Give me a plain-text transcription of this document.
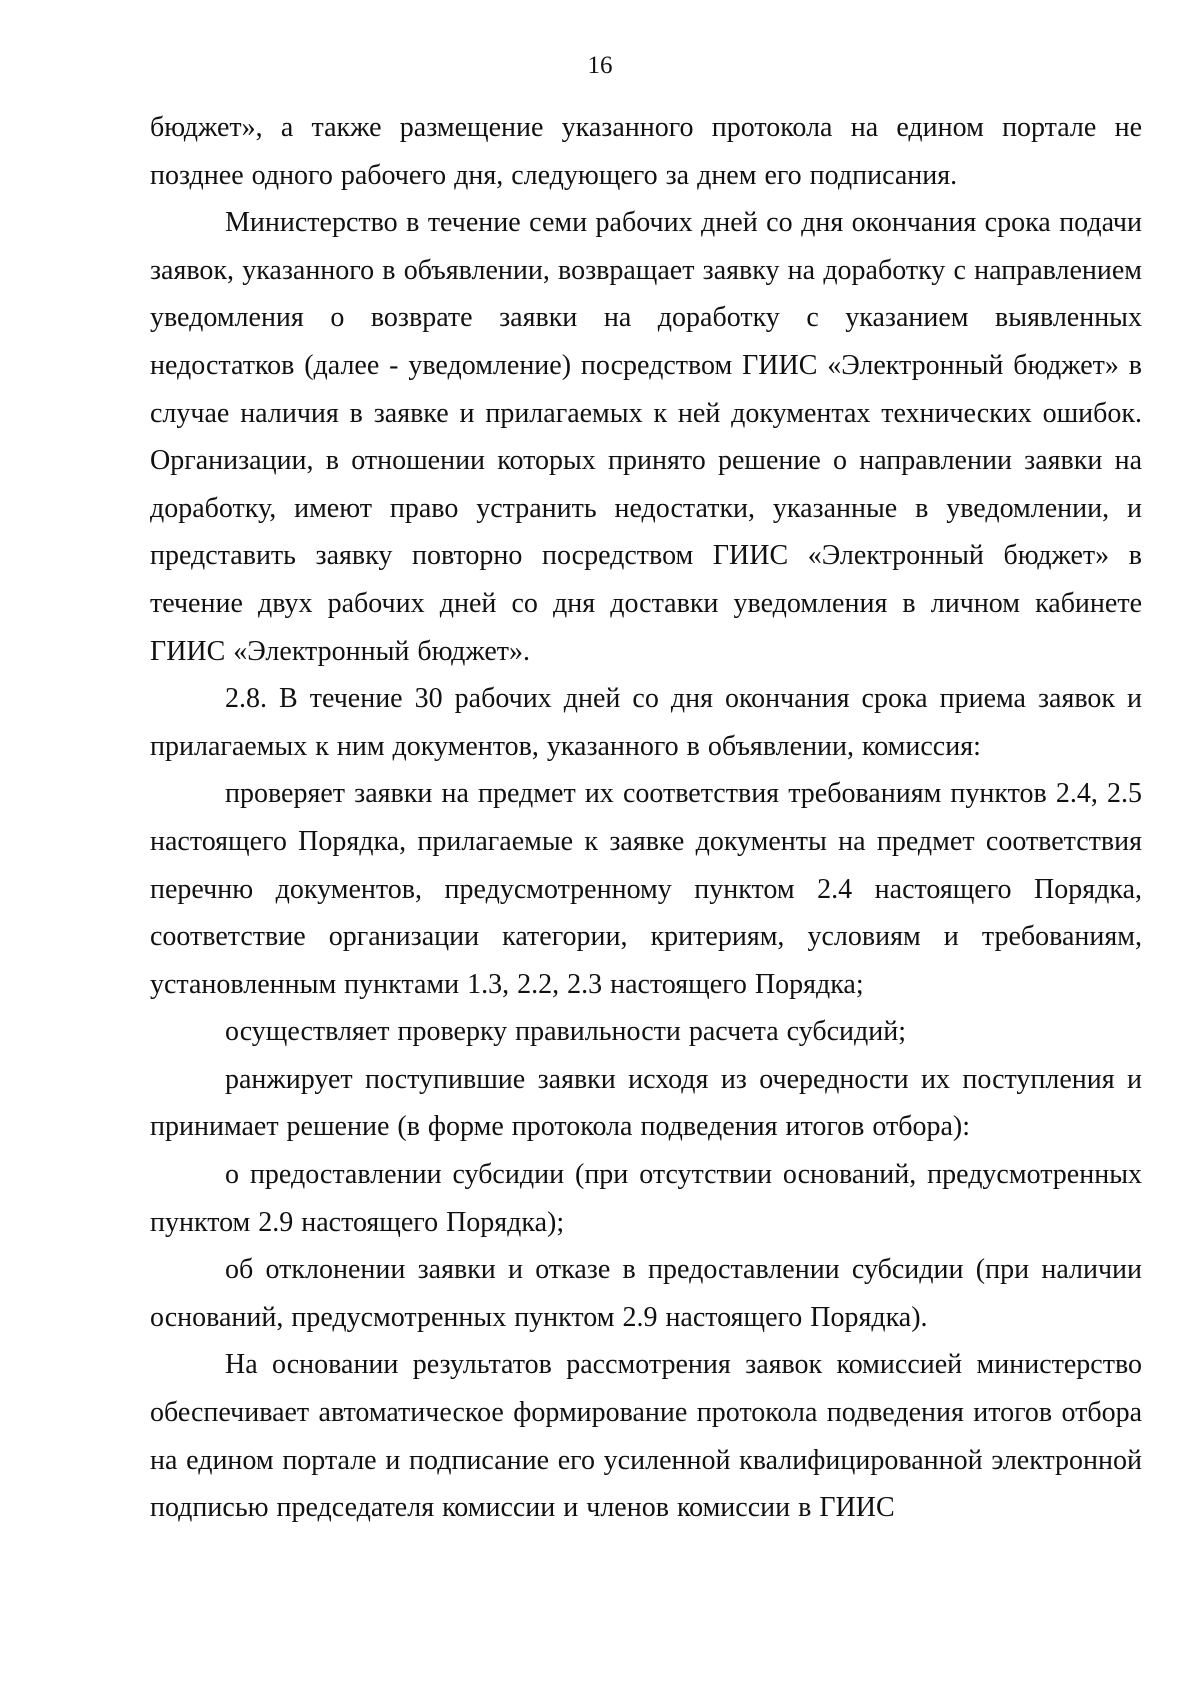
16

бюджет», а также размещение указанного протокола на едином портале не позднее одного рабочего дня, следующего за днем его подписания.

Министерство в течение семи рабочих дней со дня окончания срока подачи заявок, указанного в объявлении, возвращает заявку на доработку с направлением уведомления о возврате заявки на доработку с указанием выявленных недостатков (далее - уведомление) посредством ГИИС «Электронный бюджет» в случае наличия в заявке и прилагаемых к ней документах технических ошибок. Организации, в отношении которых принято решение о направлении заявки на доработку, имеют право устранить недостатки, указанные в уведомлении, и представить заявку повторно посредством ГИИС «Электронный бюджет» в течение двух рабочих дней со дня доставки уведомления в личном кабинете ГИИС «Электронный бюджет».

2.8. В течение 30 рабочих дней со дня окончания срока приема заявок и прилагаемых к ним документов, указанного в объявлении, комиссия:

проверяет заявки на предмет их соответствия требованиям пунктов 2.4, 2.5 настоящего Порядка, прилагаемые к заявке документы на предмет соответствия перечню документов, предусмотренному пунктом 2.4 настоящего Порядка, соответствие организации категории, критериям, условиям и требованиям, установленным пунктами 1.3, 2.2, 2.3 настоящего Порядка;

осуществляет проверку правильности расчета субсидий;

ранжирует поступившие заявки исходя из очередности их поступления и принимает решение (в форме протокола подведения итогов отбора):

о предоставлении субсидии (при отсутствии оснований, предусмотренных пунктом 2.9 настоящего Порядка);

об отклонении заявки и отказе в предоставлении субсидии (при наличии оснований, предусмотренных пунктом 2.9 настоящего Порядка).

На основании результатов рассмотрения заявок комиссией министерство обеспечивает автоматическое формирование протокола подведения итогов отбора на едином портале и подписание его усиленной квалифицированной электронной подписью председателя комиссии и членов комиссии в ГИИС
